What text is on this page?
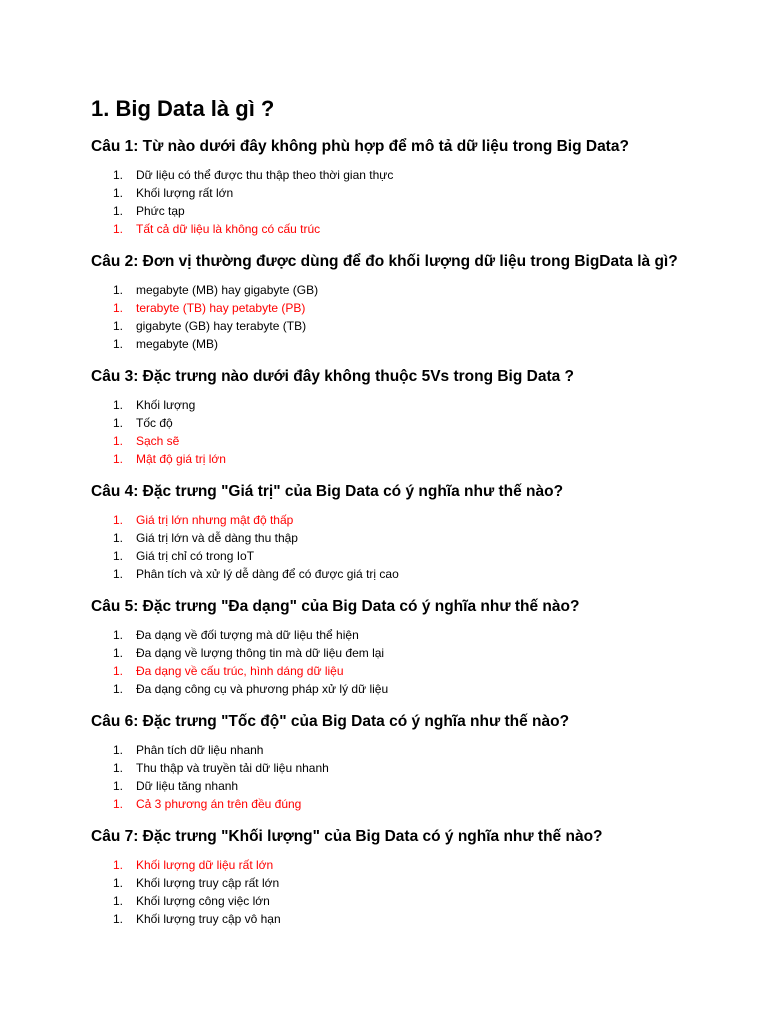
1. Big Data là gì ?
Câu 1: Từ nào dưới đây không phù hợp để mô tả dữ liệu trong Big Data?
1.	Dữ liệu có thể được thu thập theo thời gian thực
1.	Khối lượng rất lớn
1.	Phức tạp
1.	Tất cả dữ liệu là không có cấu trúc
Câu 2: Đơn vị thường được dùng để đo khối lượng dữ liệu trong BigData là gì?
1.	megabyte (MB) hay gigabyte (GB)
1.	terabyte (TB) hay petabyte (PB)
1.	gigabyte (GB) hay terabyte (TB)
1.	megabyte (MB)
Câu 3: Đặc trưng nào dưới đây không thuộc 5Vs trong Big Data ?
1.	Khối lượng
1.	Tốc độ
1.	Sạch sẽ
1.	Mật độ giá trị lớn
Câu 4: Đặc trưng "Giá trị" của Big Data có ý nghĩa như thế nào?
1.	Giá trị lớn nhưng mật độ thấp
1.	Giá trị lớn và dễ dàng thu thập
1.	Giá trị chỉ có trong IoT
1.	Phân tích và xử lý dễ dàng để có được giá trị cao
Câu 5: Đặc trưng "Đa dạng" của Big Data có ý nghĩa như thế nào?
1.	Đa dạng về đối tượng mà dữ liệu thể hiện
1.	Đa dạng về lượng thông tin mà dữ liệu đem lại
1.	Đa dạng về cấu trúc, hình dáng dữ liệu
1.	Đa dạng công cụ và phương pháp xử lý dữ liệu
Câu 6: Đặc trưng "Tốc độ" của Big Data có ý nghĩa như thế nào?
1.	Phân tích dữ liệu nhanh
1.	Thu thập và truyền tải dữ liệu nhanh
1.	Dữ liệu tăng nhanh
1.	Cả 3 phương án trên đều đúng
Câu 7: Đặc trưng "Khối lượng" của Big Data có ý nghĩa như thế nào?
1.	Khối lượng dữ liệu rất lớn
1.	Khối lượng truy cập rất lớn
1.	Khối lượng công việc lớn
1.	Khối lượng truy cập vô hạn
